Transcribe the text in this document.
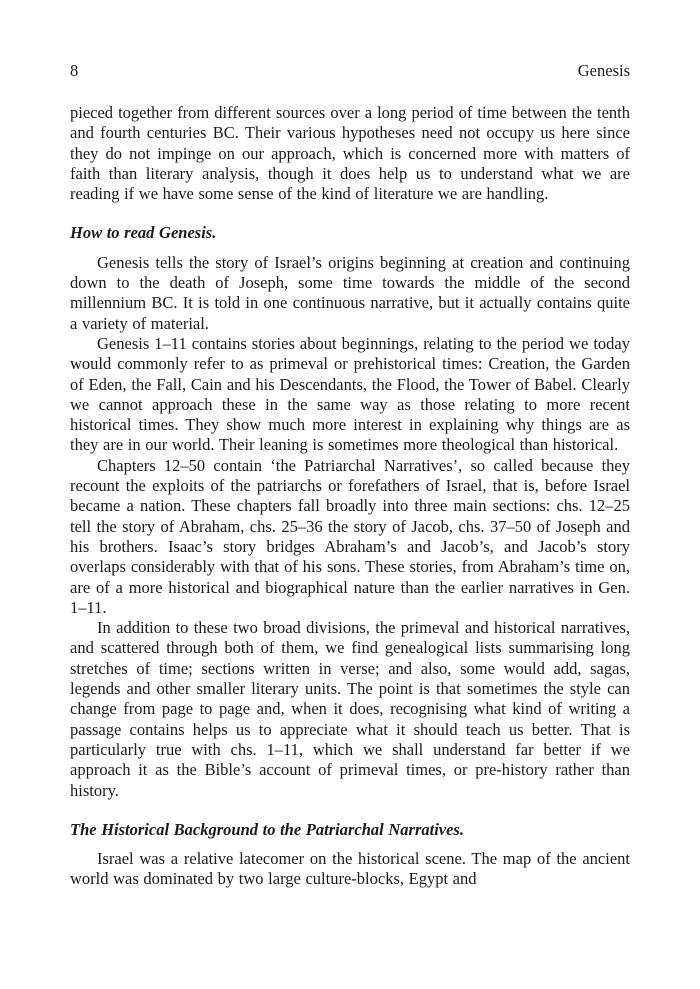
8	Genesis

pieced together from different sources over a long period of time between the tenth and fourth centuries BC. Their various hypotheses need not occupy us here since they do not impinge on our approach, which is concerned more with matters of faith than literary analysis, though it does help us to understand what we are reading if we have some sense of the kind of literature we are handling.

How to read Genesis.

Genesis tells the story of Israel’s origins beginning at creation and continuing down to the death of Joseph, some time towards the middle of the second millennium BC. It is told in one continuous narrative, but it actually contains quite a variety of material.

Genesis 1–11 contains stories about beginnings, relating to the period we today would commonly refer to as primeval or prehistorical times: Creation, the Garden of Eden, the Fall, Cain and his Descendants, the Flood, the Tower of Babel. Clearly we cannot approach these in the same way as those relating to more recent historical times. They show much more interest in explaining why things are as they are in our world. Their leaning is sometimes more theological than historical.

Chapters 12–50 contain ‘the Patriarchal Narratives’, so called because they recount the exploits of the patriarchs or forefathers of Israel, that is, before Israel became a nation. These chapters fall broadly into three main sections: chs. 12–25 tell the story of Abraham, chs. 25–36 the story of Jacob, chs. 37–50 of Joseph and his brothers. Isaac’s story bridges Abraham’s and Jacob’s, and Jacob’s story overlaps considerably with that of his sons. These stories, from Abraham’s time on, are of a more historical and biographical nature than the earlier narratives in Gen. 1–11.

In addition to these two broad divisions, the primeval and historical narratives, and scattered through both of them, we find genealogical lists summarising long stretches of time; sections written in verse; and also, some would add, sagas, legends and other smaller literary units. The point is that sometimes the style can change from page to page and, when it does, recognising what kind of writing a passage contains helps us to appreciate what it should teach us better. That is particularly true with chs. 1–11, which we shall understand far better if we approach it as the Bible’s account of primeval times, or pre-history rather than history.

The Historical Background to the Patriarchal Narratives.

Israel was a relative latecomer on the historical scene. The map of the ancient world was dominated by two large culture-blocks, Egypt and
